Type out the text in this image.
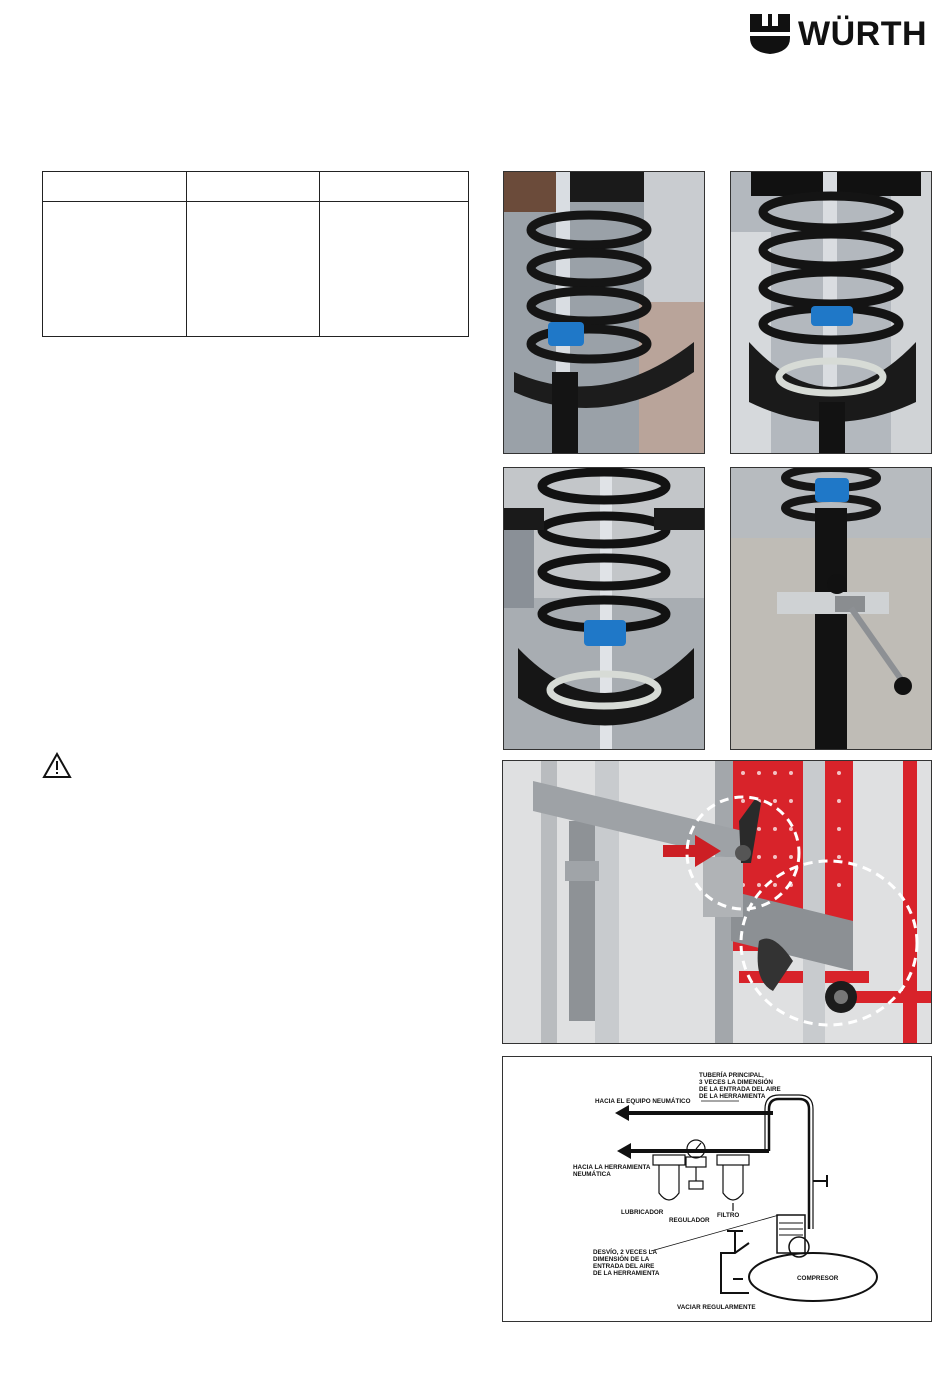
WÜRTH

TUBERÍA PRINCIPAL,
3 VECES LA DIMENSIÓN
DE LA ENTRADA DEL AIRE
DE LA HERRAMIENTA
HACIA EL EQUIPO NEUMÁTICO
HACIA LA HERRAMIENTA
NEUMÁTICA
LUBRICADOR
REGULADOR
FILTRO
DESVÍO, 2 VECES LA
DIMENSIÓN DE LA
ENTRADA DEL AIRE
DE LA HERRAMIENTA
COMPRESOR
VACIAR REGULARMENTE
